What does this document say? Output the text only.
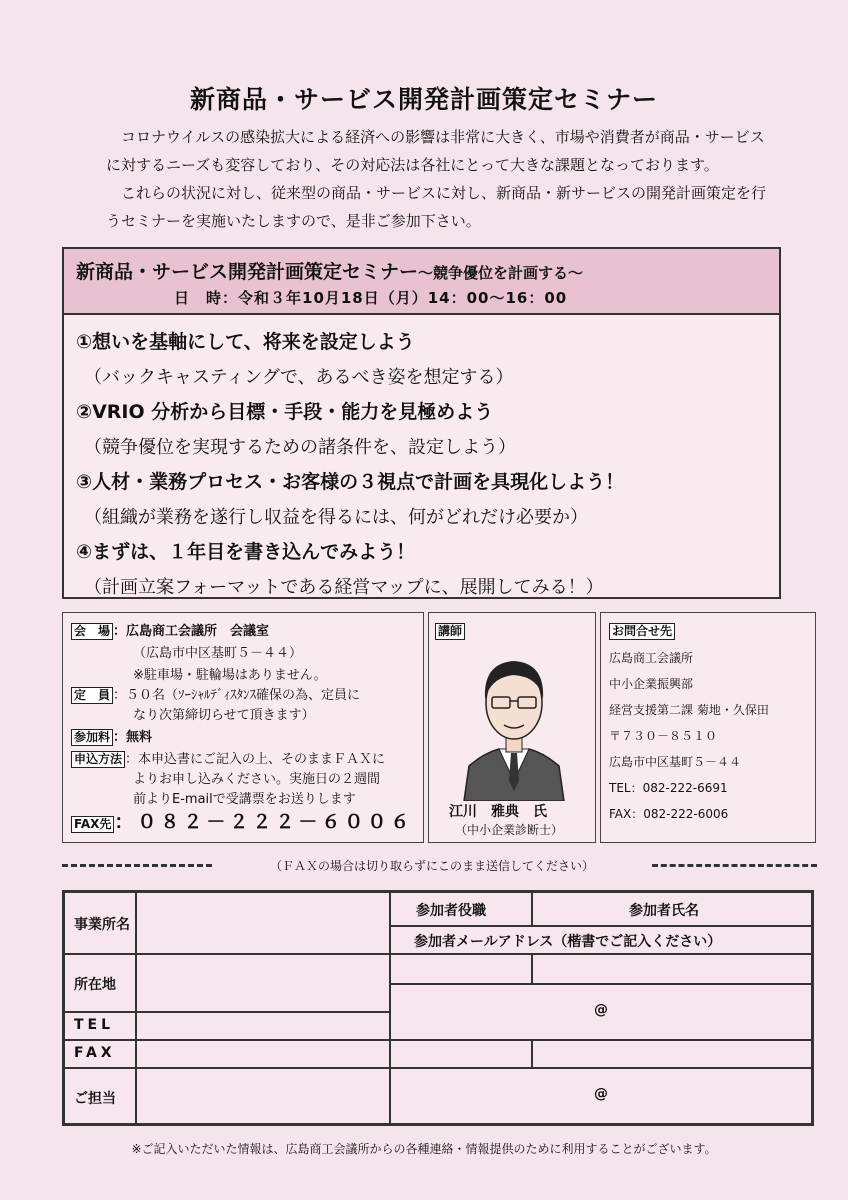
新商品・サービス開発計画策定セミナー

コロナウイルスの感染拡大による経済への影響は非常に大きく、市場や消費者が商品・サービスに対するニーズも変容しており、その対応法は各社にとって大きな課題となっております。

これらの状況に対し、従来型の商品・サービスに対し、新商品・新サービスの開発計画策定を行うセミナーを実施いたしますので、是非ご参加下さい。

新商品・サービス開発計画策定セミナー～競争優位を計画する～
日　時：令和３年10月18日（月）14：00～16：00
①想いを基軸にして、将来を設定しよう
（バックキャスティングで、あるべき姿を想定する）
②VRIO 分析から目標・手段・能力を見極めよう
（競争優位を実現するための諸条件を、設定しよう）
③人材・業務プロセス・お客様の３視点で計画を具現化しよう！
（組織が業務を遂行し収益を得るには、何がどれだけ必要か）
④まずは、１年目を書き込んでみよう！
（計画立案フォーマットである経営マップに、展開してみる！）
会　場 ：広島商工会議所　会議室
（広島市中区基町５－４４）
※駐車場・駐輪場はありません。
定　員 ：５０名（ｿｰｼｬﾙﾃﾞｨｽﾀﾝｽ確保の為、定員に
なり次第締切らせて頂きます）
参加料 ：無料
申込方法 ：本申込書にご記入の上、そのままＦＡＸに
よりお申し込みください。実施日の２週間
前よりE-mailで受講票をお送りします
FAX先 ：０８２－２２２－６００６
講師
江川　雅典　氏
（中小企業診断士）
お問合せ先
広島商工会議所
中小企業振興部
経営支援第二課 菊地・久保田
〒７３０－８５１０
広島市中区基町５－４４
TEL：082-222-6691
FAX：082-222-6006
（ＦＡＸの場合は切り取らずにこのまま送信してください）
事業所名
所在地
TEL
FAX
ご担当
参加者役職	参加者氏名
参加者メールアドレス（楷書でご記入ください）
@
@
※ご記入いただいた情報は、広島商工会議所からの各種連絡・情報提供のために利用することがございます。
